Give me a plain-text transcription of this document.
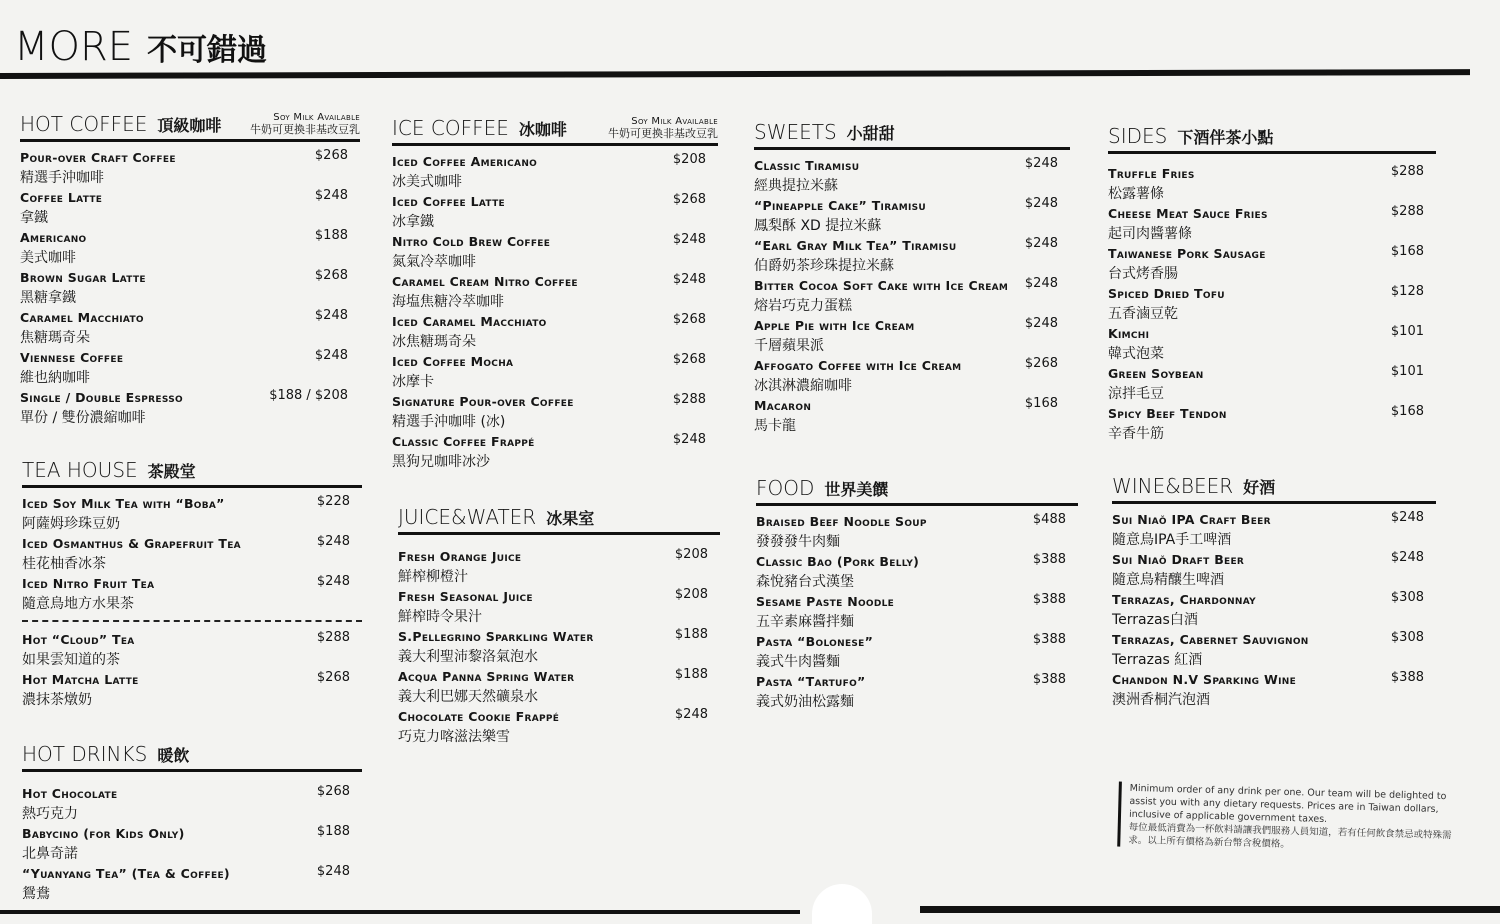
MORE 不可錯過
HOT COFFEE 頂級咖啡	Soy Milk Available
牛奶可更換非基改豆乳
Pour-over Craft Coffee
精選手沖咖啡
$268
Coffee Latte
拿鐵
$248
Americano
美式咖啡
$188
Brown Sugar Latte
黑糖拿鐵
$268
Caramel Macchiato
焦糖瑪奇朵
$248
Viennese Coffee
維也納咖啡
$248
Single / Double Espresso
單份 / 雙份濃縮咖啡
$188 / $208
TEA HOUSE 茶殿堂
Iced Soy Milk Tea with “Boba”
阿薩姆珍珠豆奶
$228
Iced Osmanthus & Grapefruit Tea
桂花柚香冰茶
$248
Iced Nitro Fruit Tea
隨意鳥地方水果茶
$248
Hot “Cloud” Tea
如果雲知道的茶
$288
Hot Matcha Latte
濃抹茶燉奶
$268
HOT DRINKS 暖飲
Hot Chocolate
熱巧克力
$268
Babycino (for Kids Only)
北鼻奇諾
$188
“Yuanyang Tea” (Tea & Coffee)
鴛鴦
$248
ICE COFFEE 冰咖啡	Soy Milk Available
牛奶可更換非基改豆乳
Iced Coffee Americano
冰美式咖啡
$208
Iced Coffee Latte
冰拿鐵
$268
Nitro Cold Brew Coffee
氮氣冷萃咖啡
$248
Caramel Cream Nitro Coffee
海塩焦糖冷萃咖啡
$248
Iced Caramel Macchiato
冰焦糖瑪奇朵
$268
Iced Coffee Mocha
冰摩卡
$268
Signature Pour-over Coffee
精選手沖咖啡 (冰)
$288
Classic Coffee Frappé
黑狗兄咖啡冰沙
$248
JUICE&WATER 冰果室
Fresh Orange Juice
鮮榨柳橙汁
$208
Fresh Seasonal Juice
鮮榨時令果汁
$208
S.Pellegrino Sparkling Water
義大利聖沛黎洛氣泡水
$188
Acqua Panna Spring Water
義大利巴娜天然礦泉水
$188
Chocolate Cookie Frappé
巧克力喀滋法樂雪
$248
SWEETS 小甜甜
Classic Tiramisu
經典提拉米蘇
$248
“Pineapple Cake” Tiramisu
鳳梨酥 XD 提拉米蘇
$248
“Earl Gray Milk Tea” Tiramisu
伯爵奶茶珍珠提拉米蘇
$248
Bitter Cocoa Soft Cake with Ice Cream
熔岩巧克力蛋糕
$248
Apple Pie with Ice Cream
千層蘋果派
$248
Affogato Coffee with Ice Cream
冰淇淋濃縮咖啡
$268
Macaron
馬卡龍
$168
FOOD 世界美饌
Braised Beef Noodle Soup
發發發牛肉麵
$488
Classic Bao (Pork Belly)
森悅豬台式漢堡
$388
Sesame Paste Noodle
五辛素麻醬拌麵
$388
Pasta “Bolonese”
義式牛肉醬麵
$388
Pasta “Tartufo”
義式奶油松露麵
$388
SIDES 下酒伴茶小點
Truffle Fries
松露薯條
$288
Cheese Meat Sauce Fries
起司肉醬薯條
$288
Taiwanese Pork Sausage
台式烤香腸
$168
Spiced Dried Tofu
五香滷豆乾
$128
Kimchi
韓式泡菜
$101
Green Soybean
涼拌毛豆
$101
Spicy Beef Tendon
辛香牛筋
$168
WINE&BEER 好酒
Sui Niaǒ IPA Craft Beer
隨意鳥IPA手工啤酒
$248
Sui Niaǒ Draft Beer
隨意鳥精釀生啤酒
$248
Terrazas, Chardonnay
Terrazas白酒
$308
Terrazas, Cabernet Sauvignon
Terrazas 紅酒
$308
Chandon N.V Sparking Wine
澳洲香桐汽泡酒
$388
Minimum order of any drink per one. Our team will be delighted to assist you with any dietary requests. Prices are in Taiwan dollars, inclusive of applicable government taxes.
每位最低消費為一杯飲料請讓我們服務人員知道，若有任何飲食禁忌或特殊需求。以上所有價格為新台幣含稅價格。
